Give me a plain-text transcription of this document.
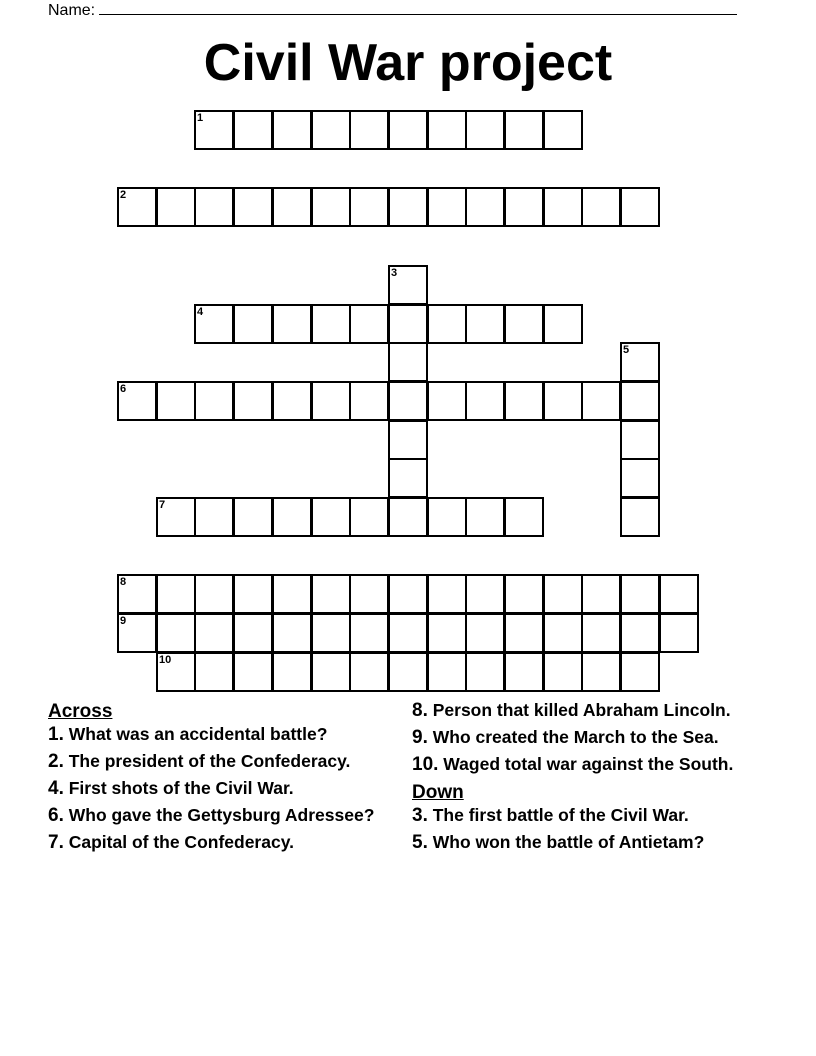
Name:
Civil War project
1
2
3
4
5
6
7
8
9
10
Across
1. What was an accidental battle?
2. The president of the Confederacy.
4. First shots of the Civil War.
6. Who gave the Gettysburg Adressee?
7. Capital of the Confederacy.
8. Person that killed Abraham Lincoln.
9. Who created the March to the Sea.
10. Waged total war against the South.
Down
3. The first battle of the Civil War.
5. Who won the battle of Antietam?
